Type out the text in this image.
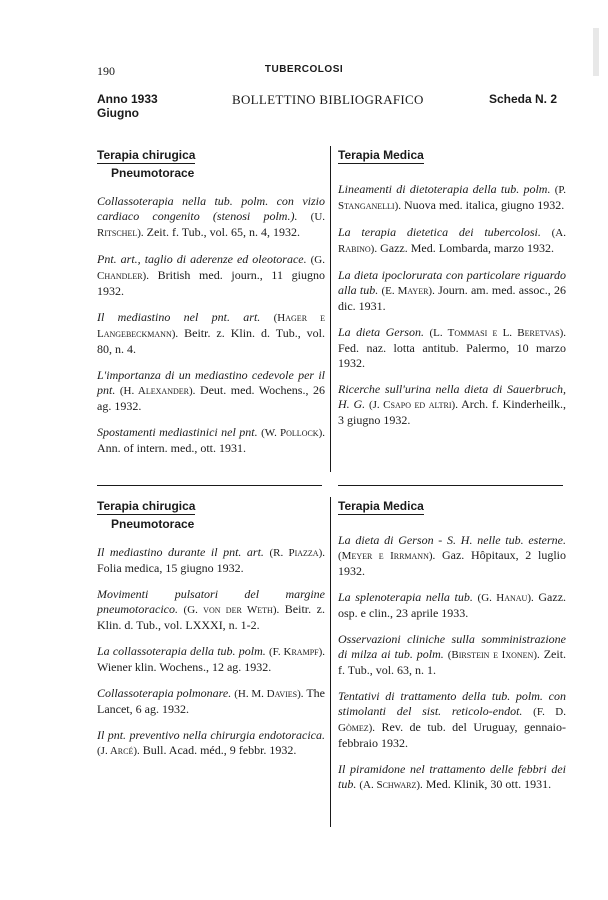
190	TUBERCOLOSI
Anno 1933
Giugno
BOLLETTINO BIBLIOGRAFICO	Scheda N. 2
Terapia chirugica
Pneumotorace

Collassoterapia nella tub. polm. con vizio cardiaco congenito (stenosi polm.). (U. Ritschel). Zeit. f. Tub., vol. 65, n. 4, 1932.

Pnt. art., taglio di aderenze ed oleotorace. (G. Chandler). British med. journ., 11 giugno 1932.

Il mediastino nel pnt. art. (Hager e Langebeckmann). Beitr. z. Klin. d. Tub., vol. 80, n. 4.

L'importanza di un mediastino cedevole per il pnt. (H. Alexander). Deut. med. Wochens., 26 ag. 1932.

Spostamenti mediastinici nel pnt. (W. Pollock). Ann. of intern. med., ott. 1931.

Terapia Medica

Lineamenti di dietoterapia della tub. polm. (P. Stanganelli). Nuova med. italica, giugno 1932.

La terapia dietetica dei tubercolosi. (A. Rabino). Gazz. Med. Lombarda, marzo 1932.

La dieta ipoclorurata con particolare riguardo alla tub. (E. Mayer). Journ. am. med. assoc., 26 dic. 1931.

La dieta Gerson. (L. Tommasi e L. Beretvas). Fed. naz. lotta antitub. Palermo, 10 marzo 1932.

Ricerche sull'urina nella dieta di Sauerbruch, H. G. (J. Csapo ed altri). Arch. f. Kinderheilk., 3 giugno 1932.

Terapia chirugica
Pneumotorace

Il mediastino durante il pnt. art. (R. Piazza). Folia medica, 15 giugno 1932.

Movimenti pulsatori del margine pneumotoracico. (G. von der Weth). Beitr. z. Klin. d. Tub., vol. LXXXI, n. 1-2.

La collassoterapia della tub. polm. (F. Krampf). Wiener klin. Wochens., 12 ag. 1932.

Collassoterapia polmonare. (H. M. Davies). The Lancet, 6 ag. 1932.

Il pnt. preventivo nella chirurgia endotoracica. (J. Arcé). Bull. Acad. méd., 9 febbr. 1932.

Terapia Medica

La dieta di Gerson - S. H. nelle tub. esterne. (Meyer e Irrmann). Gaz. Hôpitaux, 2 luglio 1932.

La splenoterapia nella tub. (G. Hanau). Gazz. osp. e clin., 23 aprile 1933.

Osservazioni cliniche sulla somministrazione di milza ai tub. polm. (Birstein e Ixonen). Zeit. f. Tub., vol. 63, n. 1.

Tentativi di trattamento della tub. polm. con stimolanti del sist. reticolo-endot. (F. D. Gòmez). Rev. de tub. del Uruguay, gennaio-febbraio 1932.

Il piramidone nel trattamento delle febbri dei tub. (A. Schwarz). Med. Klinik, 30 ott. 1931.
